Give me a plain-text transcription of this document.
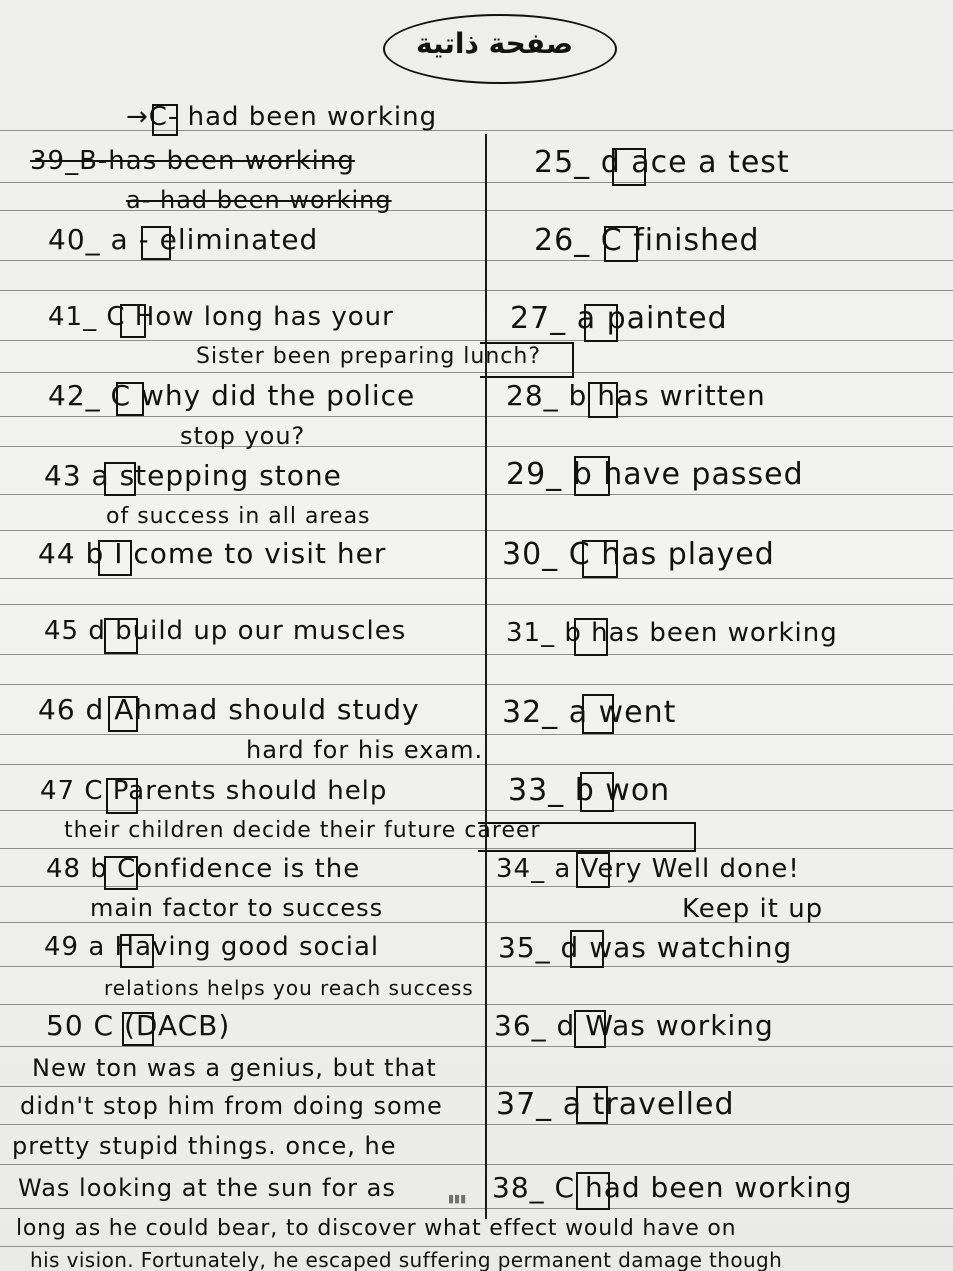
صفحة ذاتية
→C- had been working
39_B-has been working
a- had been working
40_ a - eliminated
41_ C How long has your
Sister been preparing lunch?
42_ C why did the police
stop you?
43 a stepping stone
of success in all areas
44 b I come to visit her
45 d build up our muscles
46 d Ahmad should study
hard for his exam.
47 C Parents should help
their children decide their future career
48 b Confidence is the
main factor to success
49 a Having good social
relations helps you reach success
50 C (DACB)
New ton was a genius, but that
didn't stop him from doing some
pretty stupid things. once, he
Was looking at the sun for as
long as he could bear, to discover what effect would have on
his vision. Fortunately, he escaped suffering permanent damage though
25_ d ace a test
26_ C finished
27_ a painted
28_ b has written
29_ b have passed
30_ C has played
31_ b has been working
32_ a went
33_ b won
34_ a Very Well done!
Keep it up
35_ d was watching
36_ d Was working
37_ a travelled
38_ C had been working
▮▮▮
